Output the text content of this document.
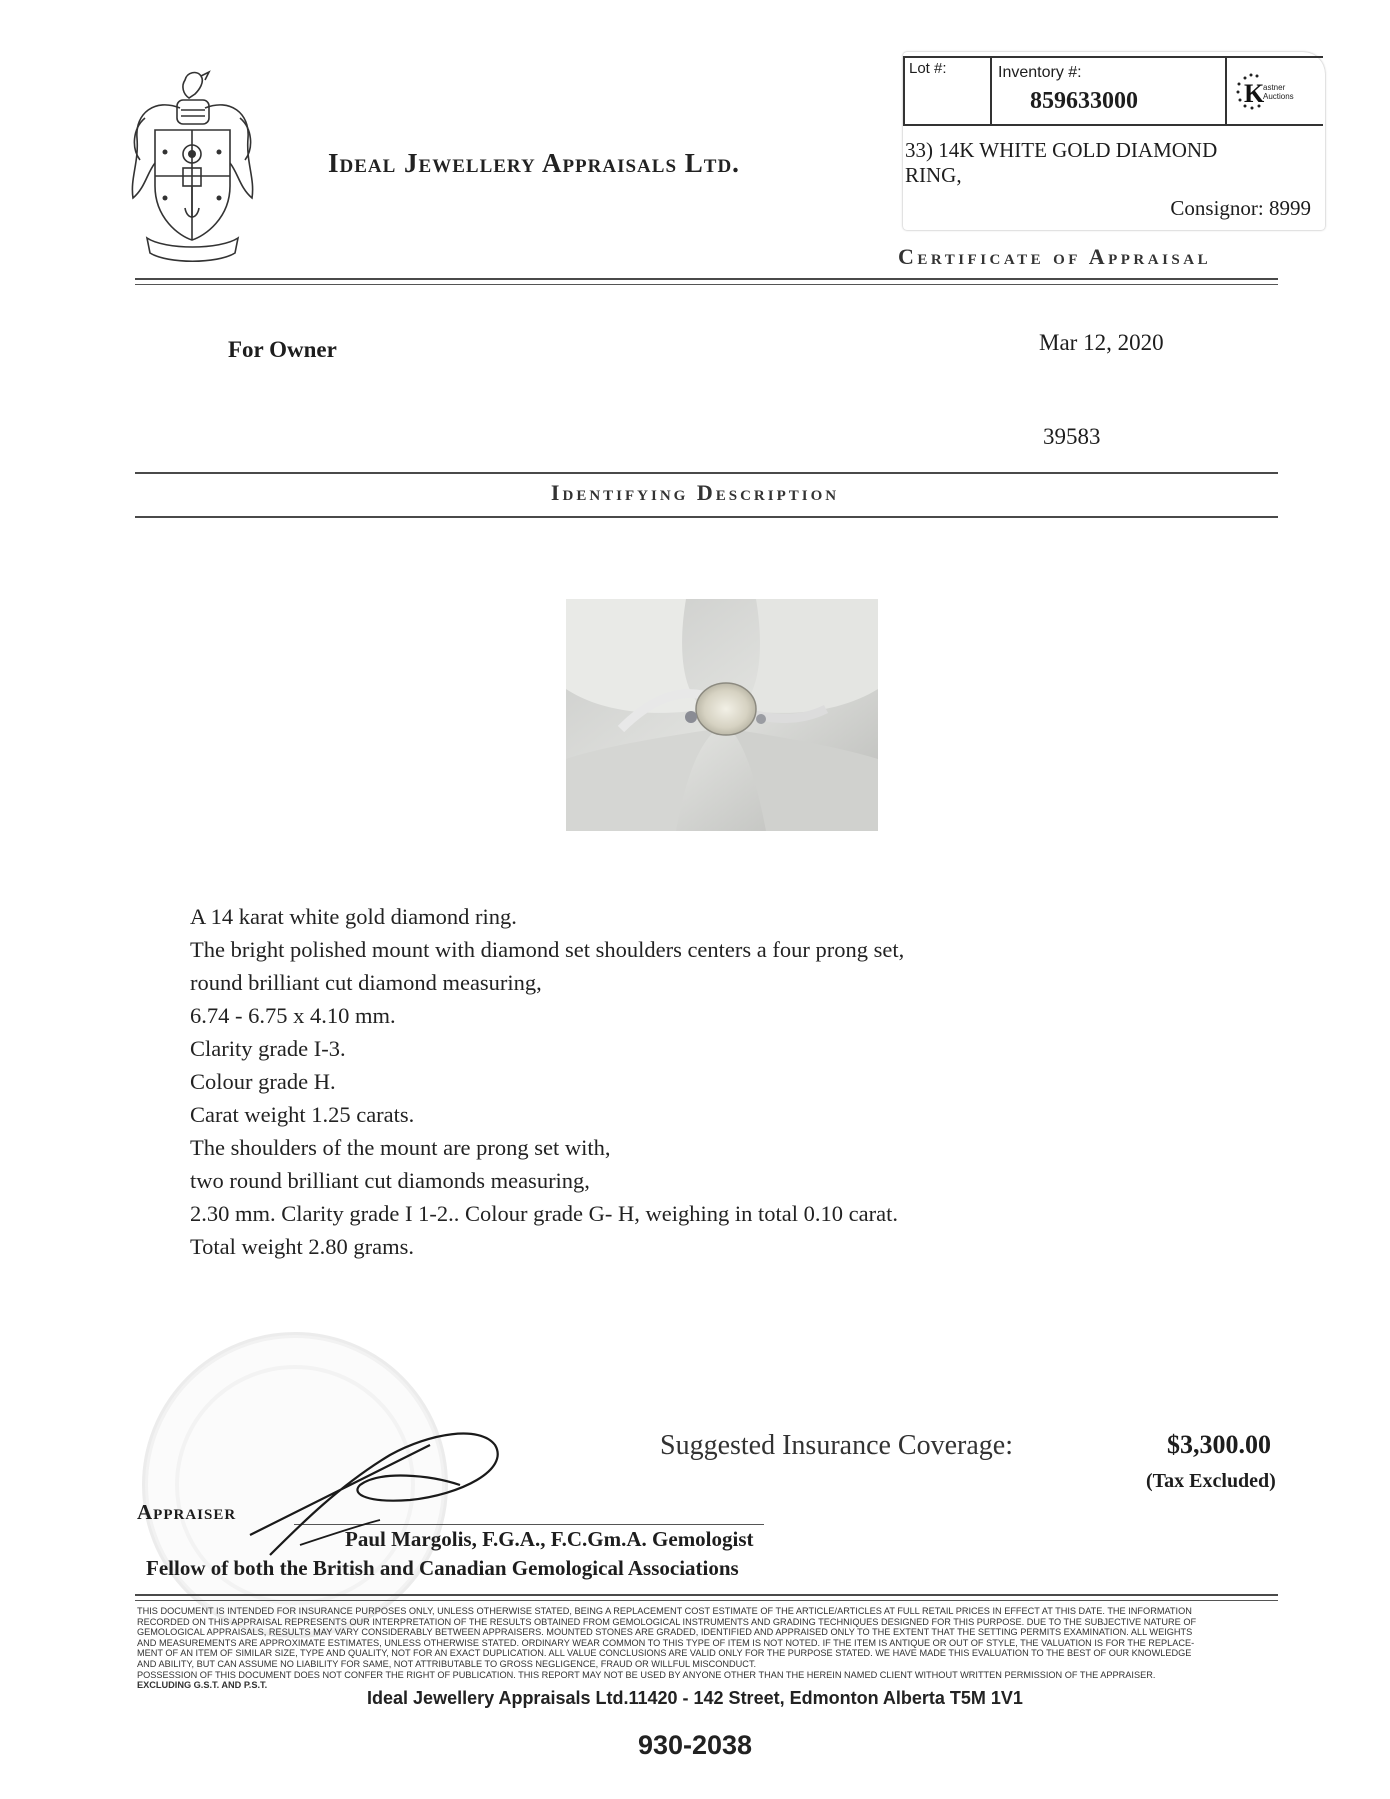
Ideal Jewellery Appraisals Ltd.
Lot #:	Inventory #:
859633000	K
astner
Auctions
33) 14K WHITE GOLD DIAMOND
RING,
Consignor: 8999
Certificate of Appraisal
For Owner	Mar 12, 2020
39583
Identifying Description
A 14 karat white gold diamond ring.
The bright polished mount with diamond set shoulders centers a four prong set,
round brilliant cut diamond measuring,
6.74 - 6.75 x 4.10 mm.
Clarity grade I-3.
Colour grade H.
Carat weight 1.25 carats.
The shoulders of the mount are prong set with,
two round brilliant cut diamonds measuring,
2.30 mm. Clarity grade I 1-2.. Colour grade G- H, weighing in total 0.10 carat.
Total weight 2.80 grams.
Suggested Insurance Coverage:	$3,300.00
(Tax Excluded)
Appraiser
Paul Margolis, F.G.A., F.C.Gm.A. Gemologist
Fellow of both the British and Canadian Gemological Associations
THIS DOCUMENT IS INTENDED FOR INSURANCE PURPOSES ONLY, UNLESS OTHERWISE STATED, BEING A REPLACEMENT COST ESTIMATE OF THE ARTICLE/ARTICLES AT FULL RETAIL PRICES IN EFFECT AT THIS DATE. THE INFORMATION
RECORDED ON THIS APPRAISAL REPRESENTS OUR INTERPRETATION OF THE RESULTS OBTAINED FROM GEMOLOGICAL INSTRUMENTS AND GRADING TECHNIQUES DESIGNED FOR THIS PURPOSE. DUE TO THE SUBJECTIVE NATURE OF
GEMOLOGICAL APPRAISALS, RESULTS MAY VARY CONSIDERABLY BETWEEN APPRAISERS. MOUNTED STONES ARE GRADED, IDENTIFIED AND APPRAISED ONLY TO THE EXTENT THAT THE SETTING PERMITS EXAMINATION. ALL WEIGHTS
AND MEASUREMENTS ARE APPROXIMATE ESTIMATES, UNLESS OTHERWISE STATED. ORDINARY WEAR COMMON TO THIS TYPE OF ITEM IS NOT NOTED. IF THE ITEM IS ANTIQUE OR OUT OF STYLE, THE VALUATION IS FOR THE REPLACE-
MENT OF AN ITEM OF SIMILAR SIZE, TYPE AND QUALITY, NOT FOR AN EXACT DUPLICATION. ALL VALUE CONCLUSIONS ARE VALID ONLY FOR THE PURPOSE STATED. WE HAVE MADE THIS EVALUATION TO THE BEST OF OUR KNOWLEDGE
AND ABILITY, BUT CAN ASSUME NO LIABILITY FOR SAME, NOT ATTRIBUTABLE TO GROSS NEGLIGENCE, FRAUD OR WILLFUL MISCONDUCT.
POSSESSION OF THIS DOCUMENT DOES NOT CONFER THE RIGHT OF PUBLICATION. THIS REPORT MAY NOT BE USED BY ANYONE OTHER THAN THE HEREIN NAMED CLIENT WITHOUT WRITTEN PERMISSION OF THE APPRAISER.
EXCLUDING G.S.T. AND P.S.T.
Ideal Jewellery Appraisals Ltd.11420 - 142 Street, Edmonton Alberta T5M 1V1
930-2038
